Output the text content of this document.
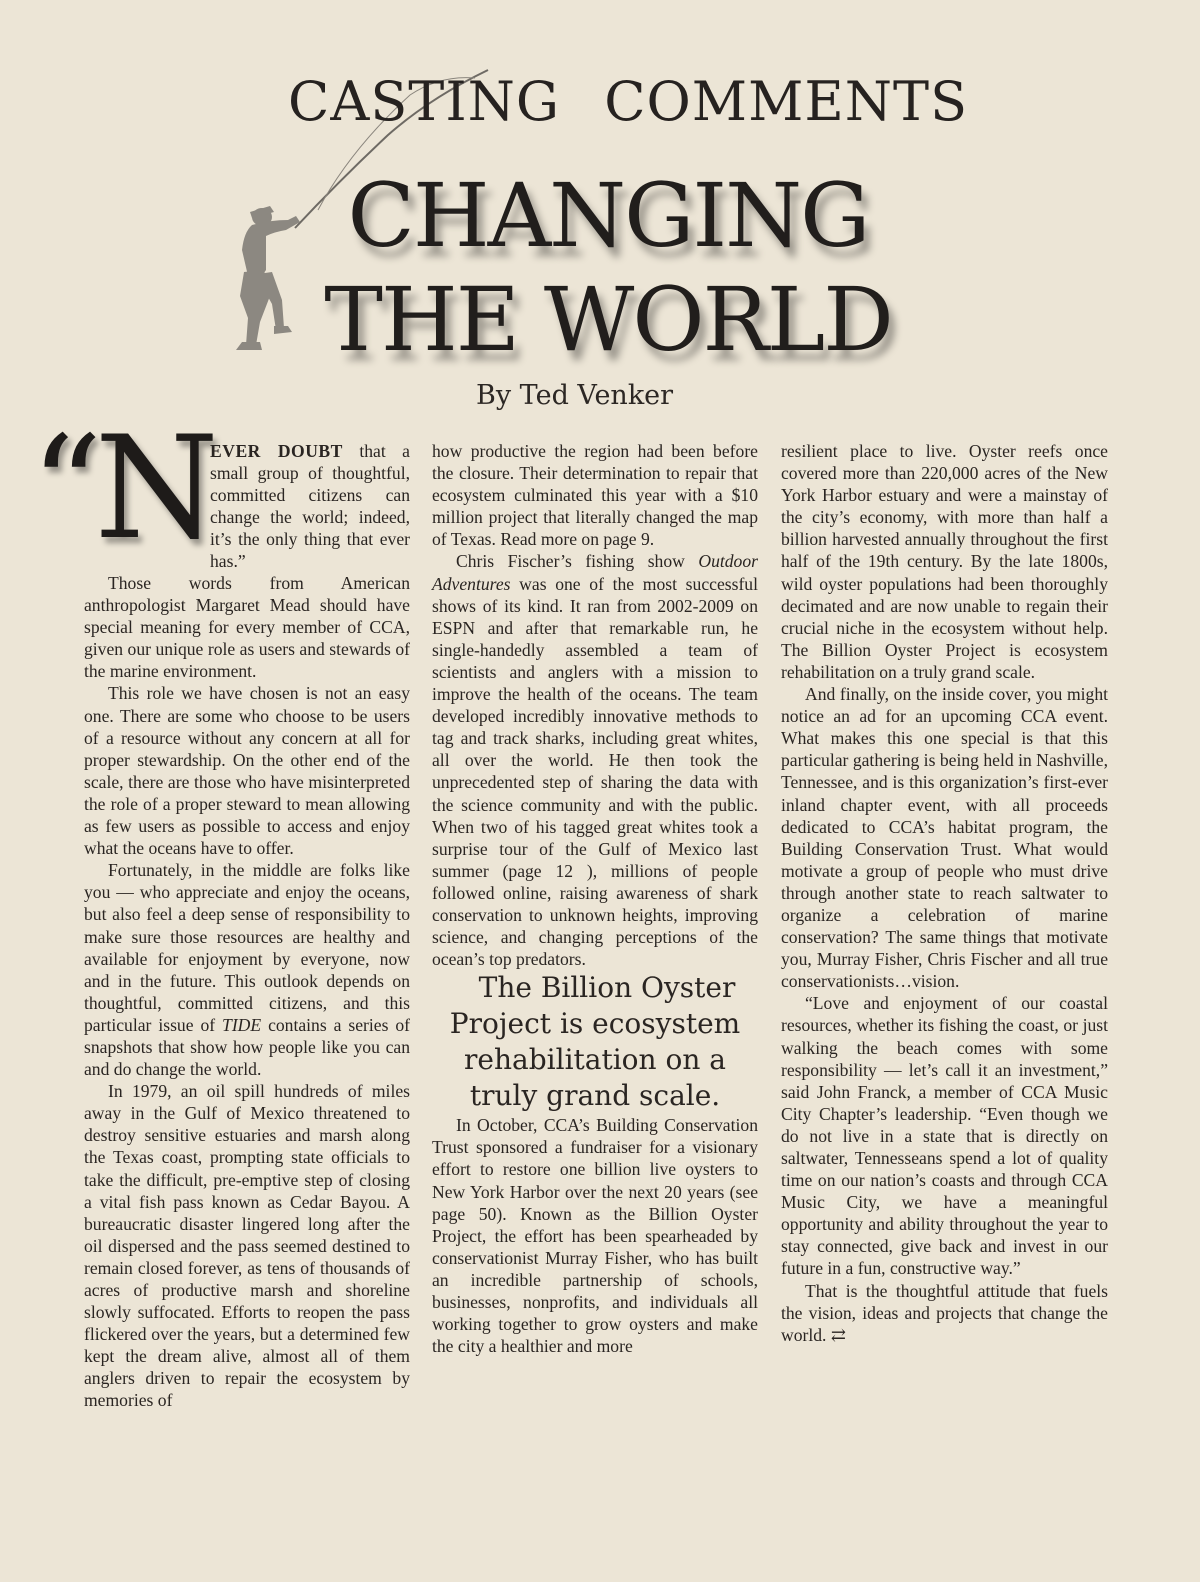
CASTING COMMENTS
CHANGING
THE WORLD

By Ted Venker

“N EVER DOUBT that a small group of thoughtful, committed citizens can change the world; indeed, it’s the only thing that ever has.”

Those words from American anthropologist Margaret Mead should have special meaning for every member of CCA, given our unique role as users and stewards of the marine environment.

This role we have chosen is not an easy one. There are some who choose to be users of a resource without any concern at all for proper stewardship. On the other end of the scale, there are those who have misinterpreted the role of a proper steward to mean allowing as few users as possible to access and enjoy what the oceans have to offer.

Fortunately, in the middle are folks like you — who appreciate and enjoy the oceans, but also feel a deep sense of responsibility to make sure those resources are healthy and available for enjoyment by everyone, now and in the future. This outlook depends on thoughtful, committed citizens, and this particular issue of TIDE contains a series of snapshots that show how people like you can and do change the world.

In 1979, an oil spill hundreds of miles away in the Gulf of Mexico threatened to destroy sensitive estuaries and marsh along the Texas coast, prompting state officials to take the difficult, pre-emptive step of closing a vital fish pass known as Cedar Bayou. A bureaucratic disaster lingered long after the oil dispersed and the pass seemed destined to remain closed forever, as tens of thousands of acres of productive marsh and shoreline slowly suffocated. Efforts to reopen the pass flickered over the years, but a determined few kept the dream alive, almost all of them anglers driven to repair the ecosystem by memories of

how productive the region had been before the closure. Their determination to repair that ecosystem culminated this year with a $10 million project that literally changed the map of Texas. Read more on page 9.

Chris Fischer’s fishing show Outdoor Adventures was one of the most successful shows of its kind. It ran from 2002-2009 on ESPN and after that remarkable run, he single-handedly assembled a team of scientists and anglers with a mission to improve the health of the oceans. The team developed incredibly innovative methods to tag and track sharks, including great whites, all over the world. He then took the unprecedented step of sharing the data with the science community and with the public. When two of his tagged great whites took a surprise tour of the Gulf of Mexico last summer (page 12 ), millions of people followed online, raising awareness of shark conservation to unknown heights, improving science, and changing perceptions of the ocean’s top predators.

The Billion Oyster Project is ecosystem rehabilitation on a truly grand scale.

In October, CCA’s Building Conservation Trust sponsored a fundraiser for a visionary effort to restore one billion live oysters to New York Harbor over the next 20 years (see page 50). Known as the Billion Oyster Project, the effort has been spearheaded by conservationist Murray Fisher, who has built an incredible partnership of schools, businesses, nonprofits, and individuals all working together to grow oysters and make the city a healthier and more

resilient place to live. Oyster reefs once covered more than 220,000 acres of the New York Harbor estuary and were a mainstay of the city’s economy, with more than half a billion harvested annually throughout the first half of the 19th century. By the late 1800s, wild oyster populations had been thoroughly decimated and are now unable to regain their crucial niche in the ecosystem without help. The Billion Oyster Project is ecosystem rehabilitation on a truly grand scale.

And finally, on the inside cover, you might notice an ad for an upcoming CCA event. What makes this one special is that this particular gathering is being held in Nashville, Tennessee, and is this organization’s first-ever inland chapter event, with all proceeds dedicated to CCA’s habitat program, the Building Conservation Trust. What would motivate a group of people who must drive through another state to reach saltwater to organize a celebration of marine conservation? The same things that motivate you, Murray Fisher, Chris Fischer and all true conservationists…vision.

“Love and enjoyment of our coastal resources, whether its fishing the coast, or just walking the beach comes with some responsibility — let’s call it an investment,” said John Franck, a member of CCA Music City Chapter’s leadership. “Even though we do not live in a state that is directly on saltwater, Tennesseans spend a lot of quality time on our nation’s coasts and through CCA Music City, we have a meaningful opportunity and ability throughout the year to stay connected, give back and invest in our future in a fun, constructive way.”

That is the thoughtful attitude that fuels the vision, ideas and projects that change the world. ⇄
